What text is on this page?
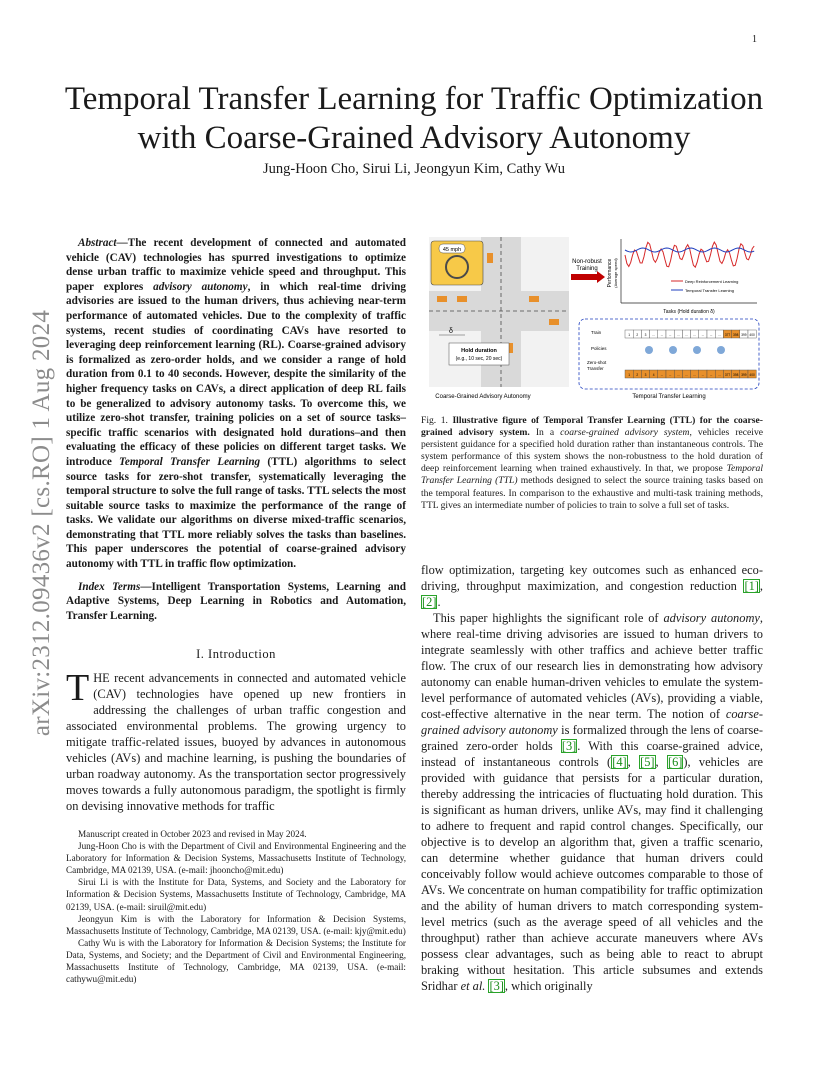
1
arXiv:2312.09436v2 [cs.RO] 1 Aug 2024
Temporal Transfer Learning for Traffic Optimization
with Coarse-Grained Advisory Autonomy
Jung-Hoon Cho, Sirui Li, Jeongyun Kim, Cathy Wu

Abstract—The recent development of connected and automated vehicle (CAV) technologies has spurred investigations to optimize dense urban traffic to maximize vehicle speed and throughput. This paper explores advisory autonomy, in which real-time driving advisories are issued to the human drivers, thus achieving near-term performance of automated vehicles. Due to the complexity of traffic systems, recent studies of coordinating CAVs have resorted to leveraging deep reinforcement learning (RL). Coarse-grained advisory is formalized as zero-order holds, and we consider a range of hold duration from 0.1 to 40 seconds. However, despite the similarity of the higher frequency tasks on CAVs, a direct application of deep RL fails to be generalized to advisory autonomy tasks. To overcome this, we utilize zero-shot transfer, training policies on a set of source tasks–specific traffic scenarios with designated hold durations–and then evaluating the efficacy of these policies on different target tasks. We introduce Temporal Transfer Learning (TTL) algorithms to select source tasks for zero-shot transfer, systematically leveraging the temporal structure to solve the full range of tasks. TTL selects the most suitable source tasks to maximize the performance of the range of tasks. We validate our algorithms on diverse mixed-traffic scenarios, demonstrating that TTL more reliably solves the tasks than baselines. This paper underscores the potential of coarse-grained advisory autonomy with TTL in traffic flow optimization.

Index Terms—Intelligent Transportation Systems, Learning and Adaptive Systems, Deep Learning in Robotics and Automation, Transfer Learning.

I. Introduction

THE recent advancements in connected and automated vehicle (CAV) technologies have opened up new frontiers in addressing the challenges of urban traffic congestion and associated environmental problems. The growing urgency to mitigate traffic-related issues, buoyed by advances in autonomous vehicles (AVs) and machine learning, is pushing the boundaries of urban roadway autonomy. As the transportation sector progressively moves towards a fully autonomous paradigm, the spotlight is firmly on devising innovative methods for traffic

Manuscript created in October 2023 and revised in May 2024.

Jung-Hoon Cho is with the Department of Civil and Environmental Engineering and the Laboratory for Information & Decision Systems, Massachusetts Institute of Technology, Cambridge, MA 02139, USA. (e-mail: jhooncho@mit.edu)

Sirui Li is with the Institute for Data, Systems, and Society and the Laboratory for Information & Decision Systems, Massachusetts Institute of Technology, Cambridge, MA 02139, USA. (e-mail: siruil@mit.edu)

Jeongyun Kim is with the Laboratory for Information & Decision Systems, Massachusetts Institute of Technology, Cambridge, MA 02139, USA. (e-mail: kjy@mit.edu)

Cathy Wu is with the Laboratory for Information & Decision Systems; the Institute for Data, Systems, and Society; and the Department of Civil and Environmental Engineering, Massachusetts Institute of Technology, Cambridge, MA 02139, USA. (e-mail: cathywu@mit.edu)

45 mph
δ
Hold duration
(e.g., 10 sec, 20 sec)
Coarse-Grained Advisory Autonomy
Non-robust
Training Performance (Average speed)	Deep Reinforcement Learning
Temporal Transfer Learning
Tasks (Hold duration δ)
Train
Policies
Zero-shot
Transfer
1 2 3 ... ... ... ... ... ... ... ... ... 377 398 399 400
1 2 3 4 ... ... ... ... ... ... ... ... 377 398 399 400
Temporal Transfer Learning

Fig. 1. Illustrative figure of Temporal Transfer Learning (TTL) for the coarse-grained advisory system. In a coarse-grained advisory system, vehicles receive persistent guidance for a specified hold duration rather than instantaneous controls. The system performance of this system shows the non-robustness to the hold duration of deep reinforcement learning when trained exhaustively. In that, we propose Temporal Transfer Learning (TTL) methods designed to select the source training tasks based on the temporal features. In comparison to the exhaustive and multi-task training methods, TTL gives an intermediate number of policies to train to solve a full set of tasks.

flow optimization, targeting key outcomes such as enhanced eco-driving, throughput maximization, and congestion reduction [1], [2].

This paper highlights the significant role of advisory autonomy, where real-time driving advisories are issued to human drivers to integrate seamlessly with other traffics and achieve better traffic flow. The crux of our research lies in demonstrating how advisory autonomy can enable human-driven vehicles to emulate the system-level performance of automated vehicles (AVs), providing a viable, cost-effective alternative in the near term. The notion of coarse-grained advisory autonomy is formalized through the lens of coarse-grained zero-order holds [3]. With this coarse-grained advice, instead of instantaneous controls ([4], [5], [6]), vehicles are provided with guidance that persists for a particular duration, thereby addressing the intricacies of fluctuating hold duration. This is significant as human drivers, unlike AVs, may find it challenging to adhere to frequent and rapid control changes. Specifically, our objective is to develop an algorithm that, given a traffic scenario, can determine whether guidance that human drivers could conceivably follow would achieve outcomes comparable to those of AVs. We concentrate on human compatibility for traffic optimization and the ability of human drivers to match corresponding system-level metrics (such as the average speed of all vehicles and the throughput) rather than achieve accurate maneuvers where AVs possess clear advantages, such as being able to react to abrupt braking without hesitation. This article subsumes and extends Sridhar et al. [3], which originally
